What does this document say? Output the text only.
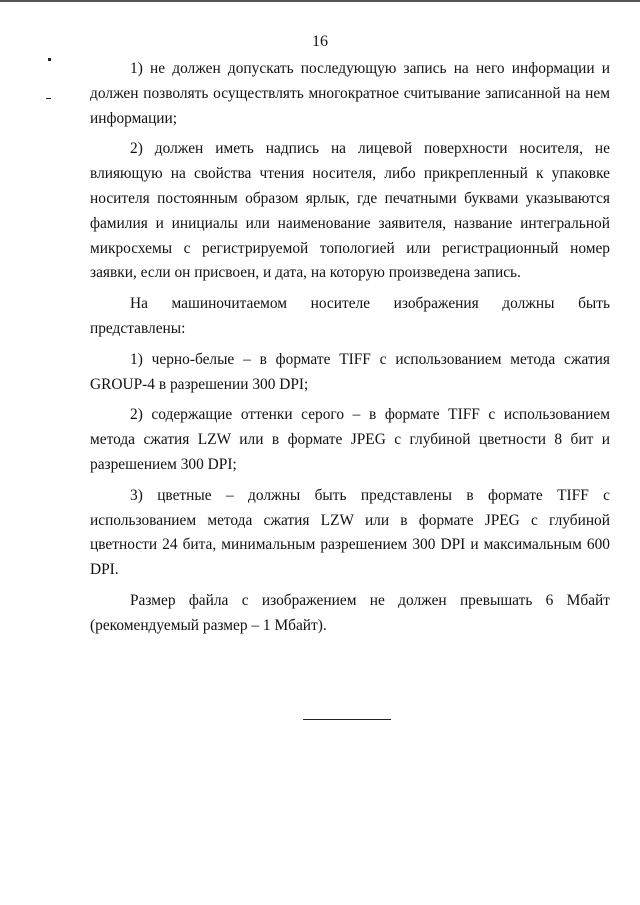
16

1) не должен допускать последующую запись на него информации и должен позволять осуществлять многократное считывание записанной на нем информации;

2) должен иметь надпись на лицевой поверхности носителя, не влияющую на свойства чтения носителя, либо прикрепленный к упаковке носителя постоянным образом ярлык, где печатными буквами указываются фамилия и инициалы или наименование заявителя, название интегральной микросхемы с регистрируемой топологией или регистрационный номер заявки, если он присвоен, и дата, на которую произведена запись.

На машиночитаемом носителе изображения должны быть представлены:

1) черно-белые – в формате TIFF с использованием метода сжатия GROUP-4 в разрешении 300 DPI;

2) содержащие оттенки серого – в формате TIFF с использованием метода сжатия LZW или в формате JPEG с глубиной цветности 8 бит и разрешением 300 DPI;

3) цветные – должны быть представлены в формате TIFF с использованием метода сжатия LZW или в формате JPEG с глубиной цветности 24 бита, минимальным разрешением 300 DPI и максимальным 600 DPI.

Размер файла с изображением не должен превышать 6 Мбайт (рекомендуемый размер – 1 Мбайт).
